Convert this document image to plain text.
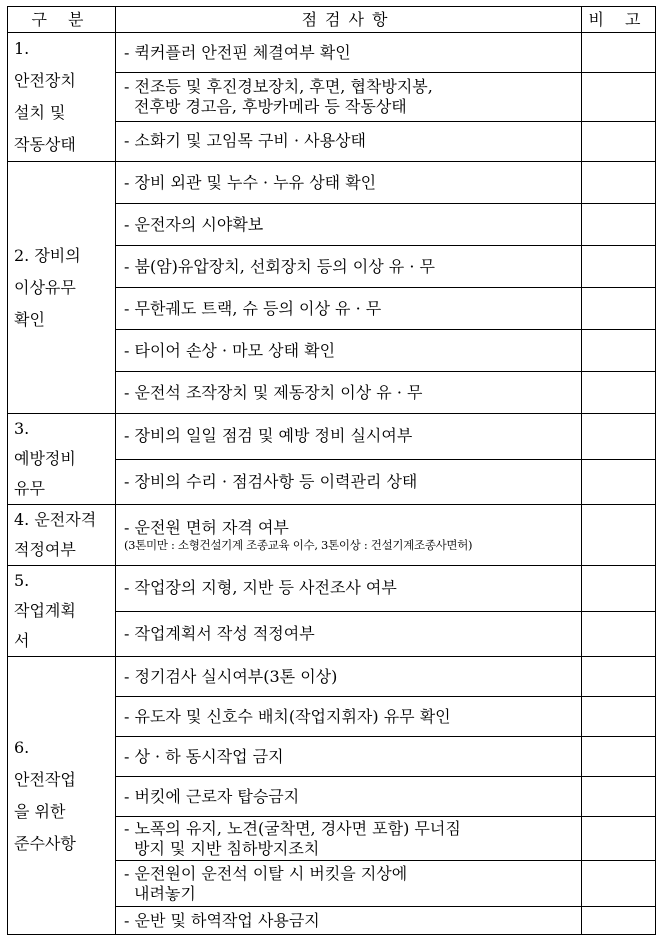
구 분	점검사항	비 고

1.
안전장치
설치 및
작동상태	- 퀵커플러 안전핀 체결여부 확인	

	- 전조등 및 후진경보장치, 후면, 협착방지봉,
전후방 경고음, 후방카메라 등 작동상태	

	- 소화기 및 고임목 구비 · 사용상태	

2. 장비의
이상유무
확인	- 장비 외관 및 누수 · 누유 상태 확인	

	- 운전자의 시야확보	

	- 붐(암)유압장치, 선회장치 등의 이상 유 · 무	

	- 무한궤도 트랙, 슈 등의 이상 유 · 무	

	- 타이어 손상 · 마모 상태 확인	

	- 운전석 조작장치 및 제동장치 이상 유 · 무	

3.
예방정비
유무	- 장비의 일일 점검 및 예방 정비 실시여부	

	- 장비의 수리 · 점검사항 등 이력관리 상태	

4. 운전자격
적정여부	- 운전원 면허 자격 여부
(3톤미만 : 소형건설기계 조종교육 이수, 3톤이상 : 건설기계조종사면허)	

5.
작업계획
서	- 작업장의 지형, 지반 등 사전조사 여부	

	- 작업계획서 작성 적정여부	

6.
안전작업
을 위한
준수사항	- 정기검사 실시여부(3톤 이상)	

	- 유도자 및 신호수 배치(작업지휘자) 유무 확인	

	- 상 · 하 동시작업 금지	

	- 버킷에 근로자 탑승금지	

	- 노폭의 유지, 노견(굴착면, 경사면 포함) 무너짐
방지 및 지반 침하방지조치	

	- 운전원이 운전석 이탈 시 버킷을 지상에
내려놓기	

	- 운반 및 하역작업 사용금지	
